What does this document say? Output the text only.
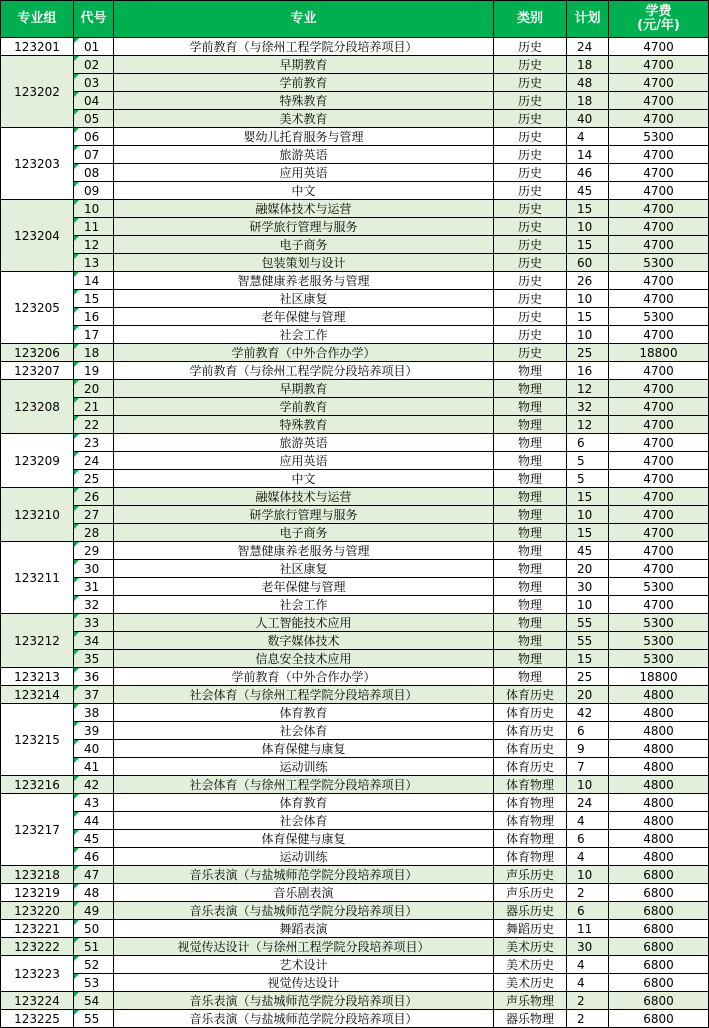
专业组	代号	专业	类别	计划	学费
(元/年)

123201	01	学前教育（与徐州工程学院分段培养项目）	历史	24	4700
123202	02	早期教育	历史	18	4700
	03	学前教育	历史	48	4700
	04	特殊教育	历史	18	4700
	05	美术教育	历史	40	4700
123203	06	婴幼儿托育服务与管理	历史	4	5300
	07	旅游英语	历史	14	4700
	08	应用英语	历史	46	4700
	09	中文	历史	45	4700
123204	10	融媒体技术与运营	历史	15	4700
	11	研学旅行管理与服务	历史	10	4700
	12	电子商务	历史	15	4700
	13	包装策划与设计	历史	60	5300
123205	14	智慧健康养老服务与管理	历史	26	4700
	15	社区康复	历史	10	4700
	16	老年保健与管理	历史	15	5300
	17	社会工作	历史	10	4700
123206	18	学前教育（中外合作办学）	历史	25	18800
123207	19	学前教育（与徐州工程学院分段培养项目）	物理	16	4700
123208	20	早期教育	物理	12	4700
	21	学前教育	物理	32	4700
	22	特殊教育	物理	12	4700
123209	23	旅游英语	物理	6	4700
	24	应用英语	物理	5	4700
	25	中文	物理	5	4700
123210	26	融媒体技术与运营	物理	15	4700
	27	研学旅行管理与服务	物理	10	4700
	28	电子商务	物理	15	4700
123211	29	智慧健康养老服务与管理	物理	45	4700
	30	社区康复	物理	20	4700
	31	老年保健与管理	物理	30	5300
	32	社会工作	物理	10	4700
123212	33	人工智能技术应用	物理	55	5300
	34	数字媒体技术	物理	55	5300
	35	信息安全技术应用	物理	15	5300
123213	36	学前教育（中外合作办学）	物理	25	18800
123214	37	社会体育（与徐州工程学院分段培养项目）	体育历史	20	4800
123215	38	体育教育	体育历史	42	4800
	39	社会体育	体育历史	6	4800
	40	体育保健与康复	体育历史	9	4800
	41	运动训练	体育历史	7	4800
123216	42	社会体育（与徐州工程学院分段培养项目）	体育物理	10	4800
123217	43	体育教育	体育物理	24	4800
	44	社会体育	体育物理	4	4800
	45	体育保健与康复	体育物理	6	4800
	46	运动训练	体育物理	4	4800
123218	47	音乐表演（与盐城师范学院分段培养项目）	声乐历史	10	6800
123219	48	音乐剧表演	声乐历史	2	6800
123220	49	音乐表演（与盐城师范学院分段培养项目）	器乐历史	6	6800
123221	50	舞蹈表演	舞蹈历史	11	6800
123222	51	视觉传达设计（与徐州工程学院分段培养项目）	美术历史	30	6800
123223	52	艺术设计	美术历史	4	6800
	53	视觉传达设计	美术历史	4	6800
123224	54	音乐表演（与盐城师范学院分段培养项目）	声乐物理	2	6800
123225	55	音乐表演（与盐城师范学院分段培养项目）	器乐物理	2	6800
